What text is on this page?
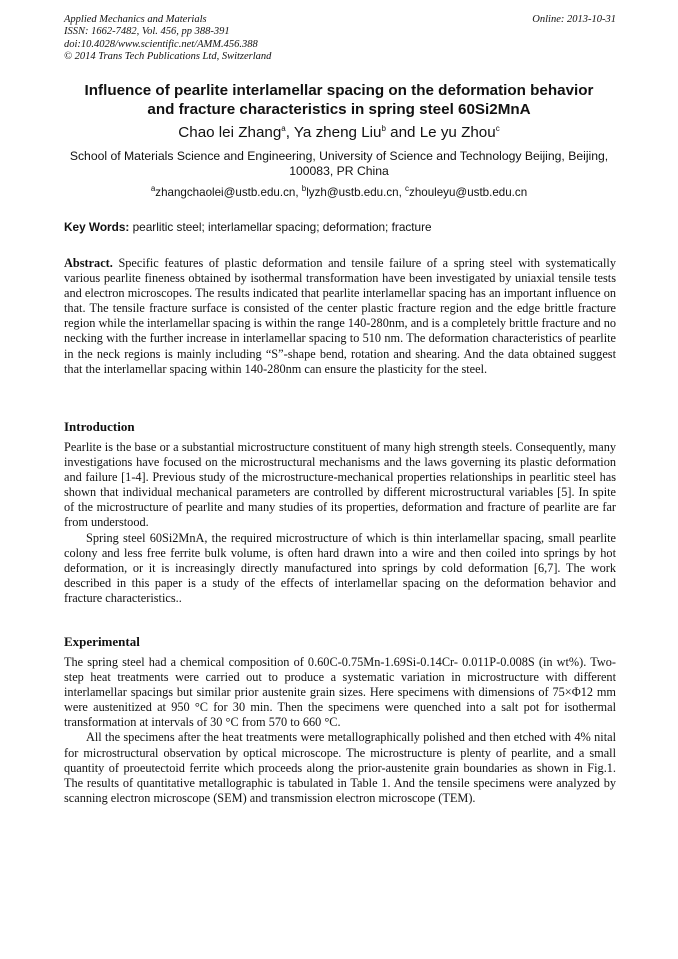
Applied Mechanics and Materials
ISSN: 1662-7482, Vol. 456, pp 388-391
doi:10.4028/www.scientific.net/AMM.456.388
© 2014 Trans Tech Publications Ltd, Switzerland
Online: 2013-10-31
Influence of pearlite interlamellar spacing on the deformation behavior
and fracture characteristics in spring steel 60Si2MnA
Chao lei Zhang$^a$, Ya zheng Liu$^b$ and Le yu Zhou$^c$
School of Materials Science and Engineering, University of Science and Technology Beijing, Beijing, 100083, PR China
$^a$zhangchaolei@ustb.edu.cn, $^b$lyzh@ustb.edu.cn, $^c$zhouleyu@ustb.edu.cn
Key Words: pearlitic steel; interlamellar spacing; deformation; fracture
Abstract. Specific features of plastic deformation and tensile failure of a spring steel with systematically various pearlite fineness obtained by isothermal transformation have been investigated by uniaxial tensile tests and electron microscopes. The results indicated that pearlite interlamellar spacing has an important influence on that. The tensile fracture surface is consisted of the center plastic fracture region and the edge brittle fracture region while the interlamellar spacing is within the range 140-280nm, and is a completely brittle fracture and no necking with the further increase in interlamellar spacing to 510 nm. The deformation characteristics of pearlite in the neck regions is mainly including “S”-shape bend, rotation and shearing. And the data obtained suggest that the interlamellar spacing within 140-280nm can ensure the plasticity for the steel.
Introduction

Pearlite is the base or a substantial microstructure constituent of many high strength steels. Consequently, many investigations have focused on the microstructural mechanisms and the laws governing its plastic deformation and failure [1-4]. Previous study of the microstructure-mechanical properties relationships in pearlitic steel has shown that individual mechanical parameters are controlled by different microstructural variables [5]. In spite of the microstructure of pearlite and many studies of its properties, deformation and fracture of pearlite are far from understood.

Spring steel 60Si2MnA, the required microstructure of which is thin interlamellar spacing, small pearlite colony and less free ferrite bulk volume, is often hard drawn into a wire and then coiled into springs by hot deformation, or it is increasingly directly manufactured into springs by cold deformation [6,7]. The work described in this paper is a study of the effects of interlamellar spacing on the deformation behavior and fracture characteristics..

Experimental

The spring steel had a chemical composition of 0.60C-0.75Mn-1.69Si-0.14Cr- 0.011P-0.008S (in wt%). Two-step heat treatments were carried out to produce a systematic variation in microstructure with different interlamellar spacings but similar prior austenite grain sizes. Here specimens with dimensions of 75×Φ12 mm were austenitized at 950 °C for 30 min. Then the specimens were quenched into a salt pot for isothermal transformation at intervals of 30 °C from 570 to 660 °C.

All the specimens after the heat treatments were metallographically polished and then etched with 4% nital for microstructural observation by optical microscope. The microstructure is plenty of pearlite, and a small quantity of proeutectoid ferrite which proceeds along the prior-austenite grain boundaries as shown in Fig.1. The results of quantitative metallographic is tabulated in Table 1. And the tensile specimens were analyzed by scanning electron microscope (SEM) and transmission electron microscope (TEM).
